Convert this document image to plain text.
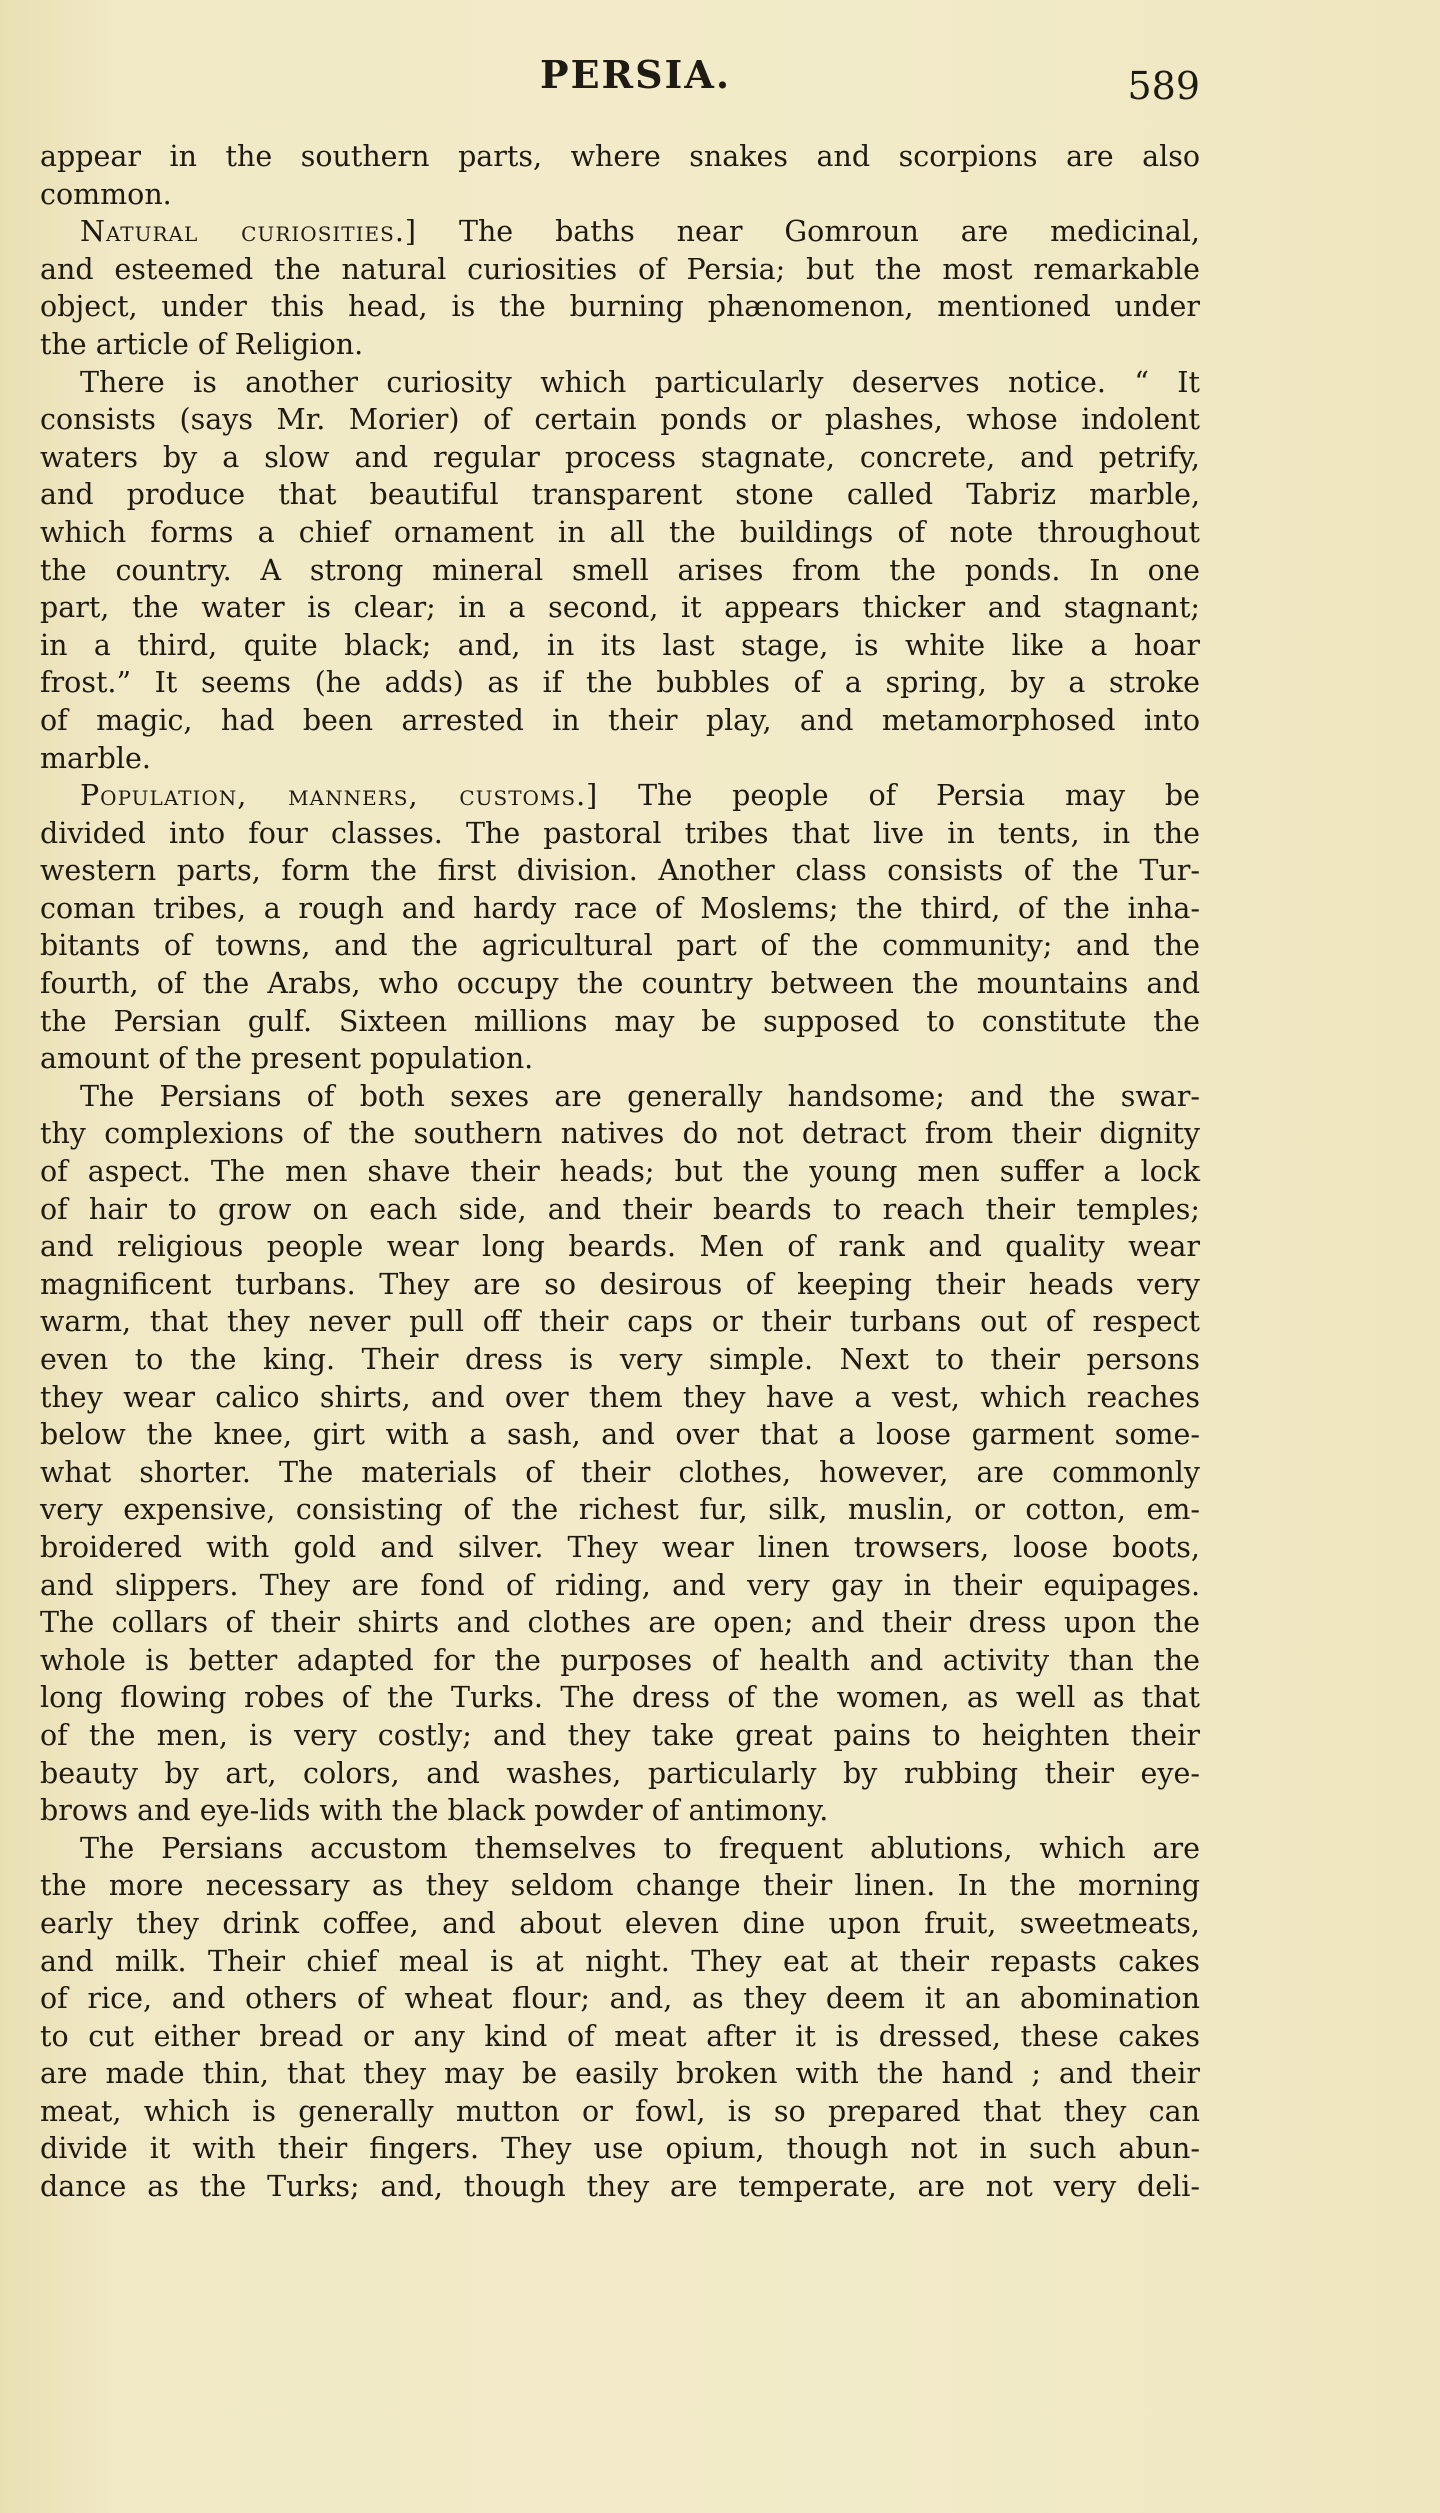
PERSIA.	589
appear in the southern parts, where snakes and scorpions are also
common.
Natural curiosities.] The baths near Gomroun are medicinal,
and esteemed the natural curiosities of Persia; but the most remarkable
object, under this head, is the burning phænomenon, mentioned under
the article of Religion.
There is another curiosity which particularly deserves notice. “ It
consists (says Mr. Morier) of certain ponds or plashes, whose indolent
waters by a slow and regular process stagnate, concrete, and petrify,
and produce that beautiful transparent stone called Tabriz marble,
which forms a chief ornament in all the buildings of note throughout
the country. A strong mineral smell arises from the ponds. In one
part, the water is clear; in a second, it appears thicker and stagnant;
in a third, quite black; and, in its last stage, is white like a hoar
frost.” It seems (he adds) as if the bubbles of a spring, by a stroke
of magic, had been arrested in their play, and metamorphosed into
marble.
Population, manners, customs.] The people of Persia may be
divided into four classes. The pastoral tribes that live in tents, in the
western parts, form the first division. Another class consists of the Tur-
coman tribes, a rough and hardy race of Moslems; the third, of the inha-
bitants of towns, and the agricultural part of the community; and the
fourth, of the Arabs, who occupy the country between the mountains and
the Persian gulf. Sixteen millions may be supposed to constitute the
amount of the present population.
The Persians of both sexes are generally handsome; and the swar-
thy complexions of the southern natives do not detract from their dignity
of aspect. The men shave their heads; but the young men suffer a lock
of hair to grow on each side, and their beards to reach their temples;
and religious people wear long beards. Men of rank and quality wear
magnificent turbans. They are so desirous of keeping their heads very
warm, that they never pull off their caps or their turbans out of respect
even to the king. Their dress is very simple. Next to their persons
they wear calico shirts, and over them they have a vest, which reaches
below the knee, girt with a sash, and over that a loose garment some-
what shorter. The materials of their clothes, however, are commonly
very expensive, consisting of the richest fur, silk, muslin, or cotton, em-
broidered with gold and silver. They wear linen trowsers, loose boots,
and slippers. They are fond of riding, and very gay in their equipages.
The collars of their shirts and clothes are open; and their dress upon the
whole is better adapted for the purposes of health and activity than the
long flowing robes of the Turks. The dress of the women, as well as that
of the men, is very costly; and they take great pains to heighten their
beauty by art, colors, and washes, particularly by rubbing their eye-
brows and eye-lids with the black powder of antimony.
The Persians accustom themselves to frequent ablutions, which are
the more necessary as they seldom change their linen. In the morning
early they drink coffee, and about eleven dine upon fruit, sweetmeats,
and milk. Their chief meal is at night. They eat at their repasts cakes
of rice, and others of wheat flour; and, as they deem it an abomination
to cut either bread or any kind of meat after it is dressed, these cakes
are made thin, that they may be easily broken with the hand ; and their
meat, which is generally mutton or fowl, is so prepared that they can
divide it with their fingers. They use opium, though not in such abun-
dance as the Turks; and, though they are temperate, are not very deli-
